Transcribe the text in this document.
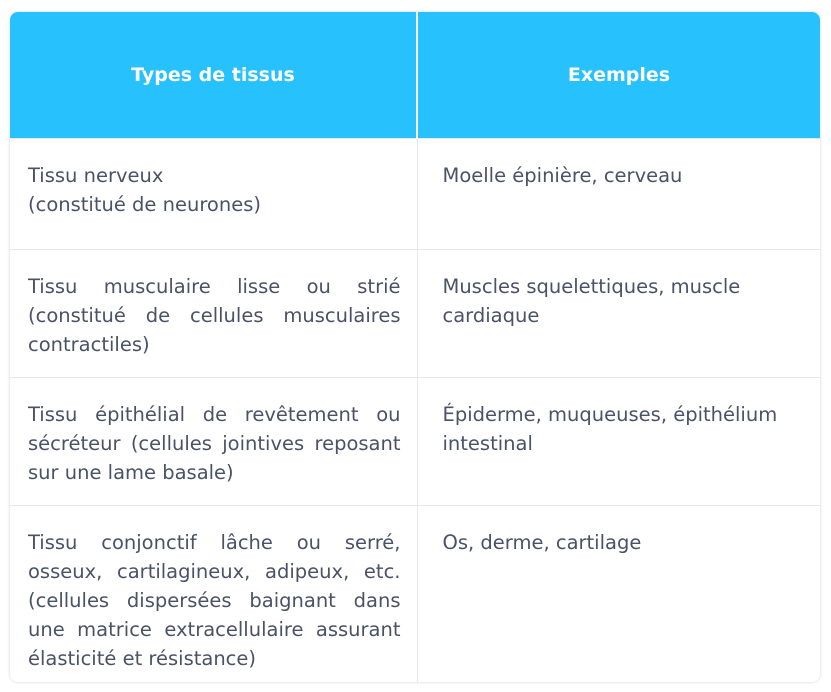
Types de tissus	Exemples

Tissu nerveux
(constitué de neurones)	Moelle épinière, cerveau
Tissu musculaire lisse ou strié (constitué de cellules musculaires contractiles)	Muscles squelettiques, muscle cardiaque
Tissu épithélial de revêtement ou sécréteur (cellules jointives reposant sur une lame basale)	Épiderme, muqueuses, épithélium intestinal
Tissu conjonctif lâche ou serré, osseux, cartilagineux, adipeux, etc. (cellules dispersées baignant dans une matrice extracellulaire assurant élasticité et résistance)	Os, derme, cartilage
